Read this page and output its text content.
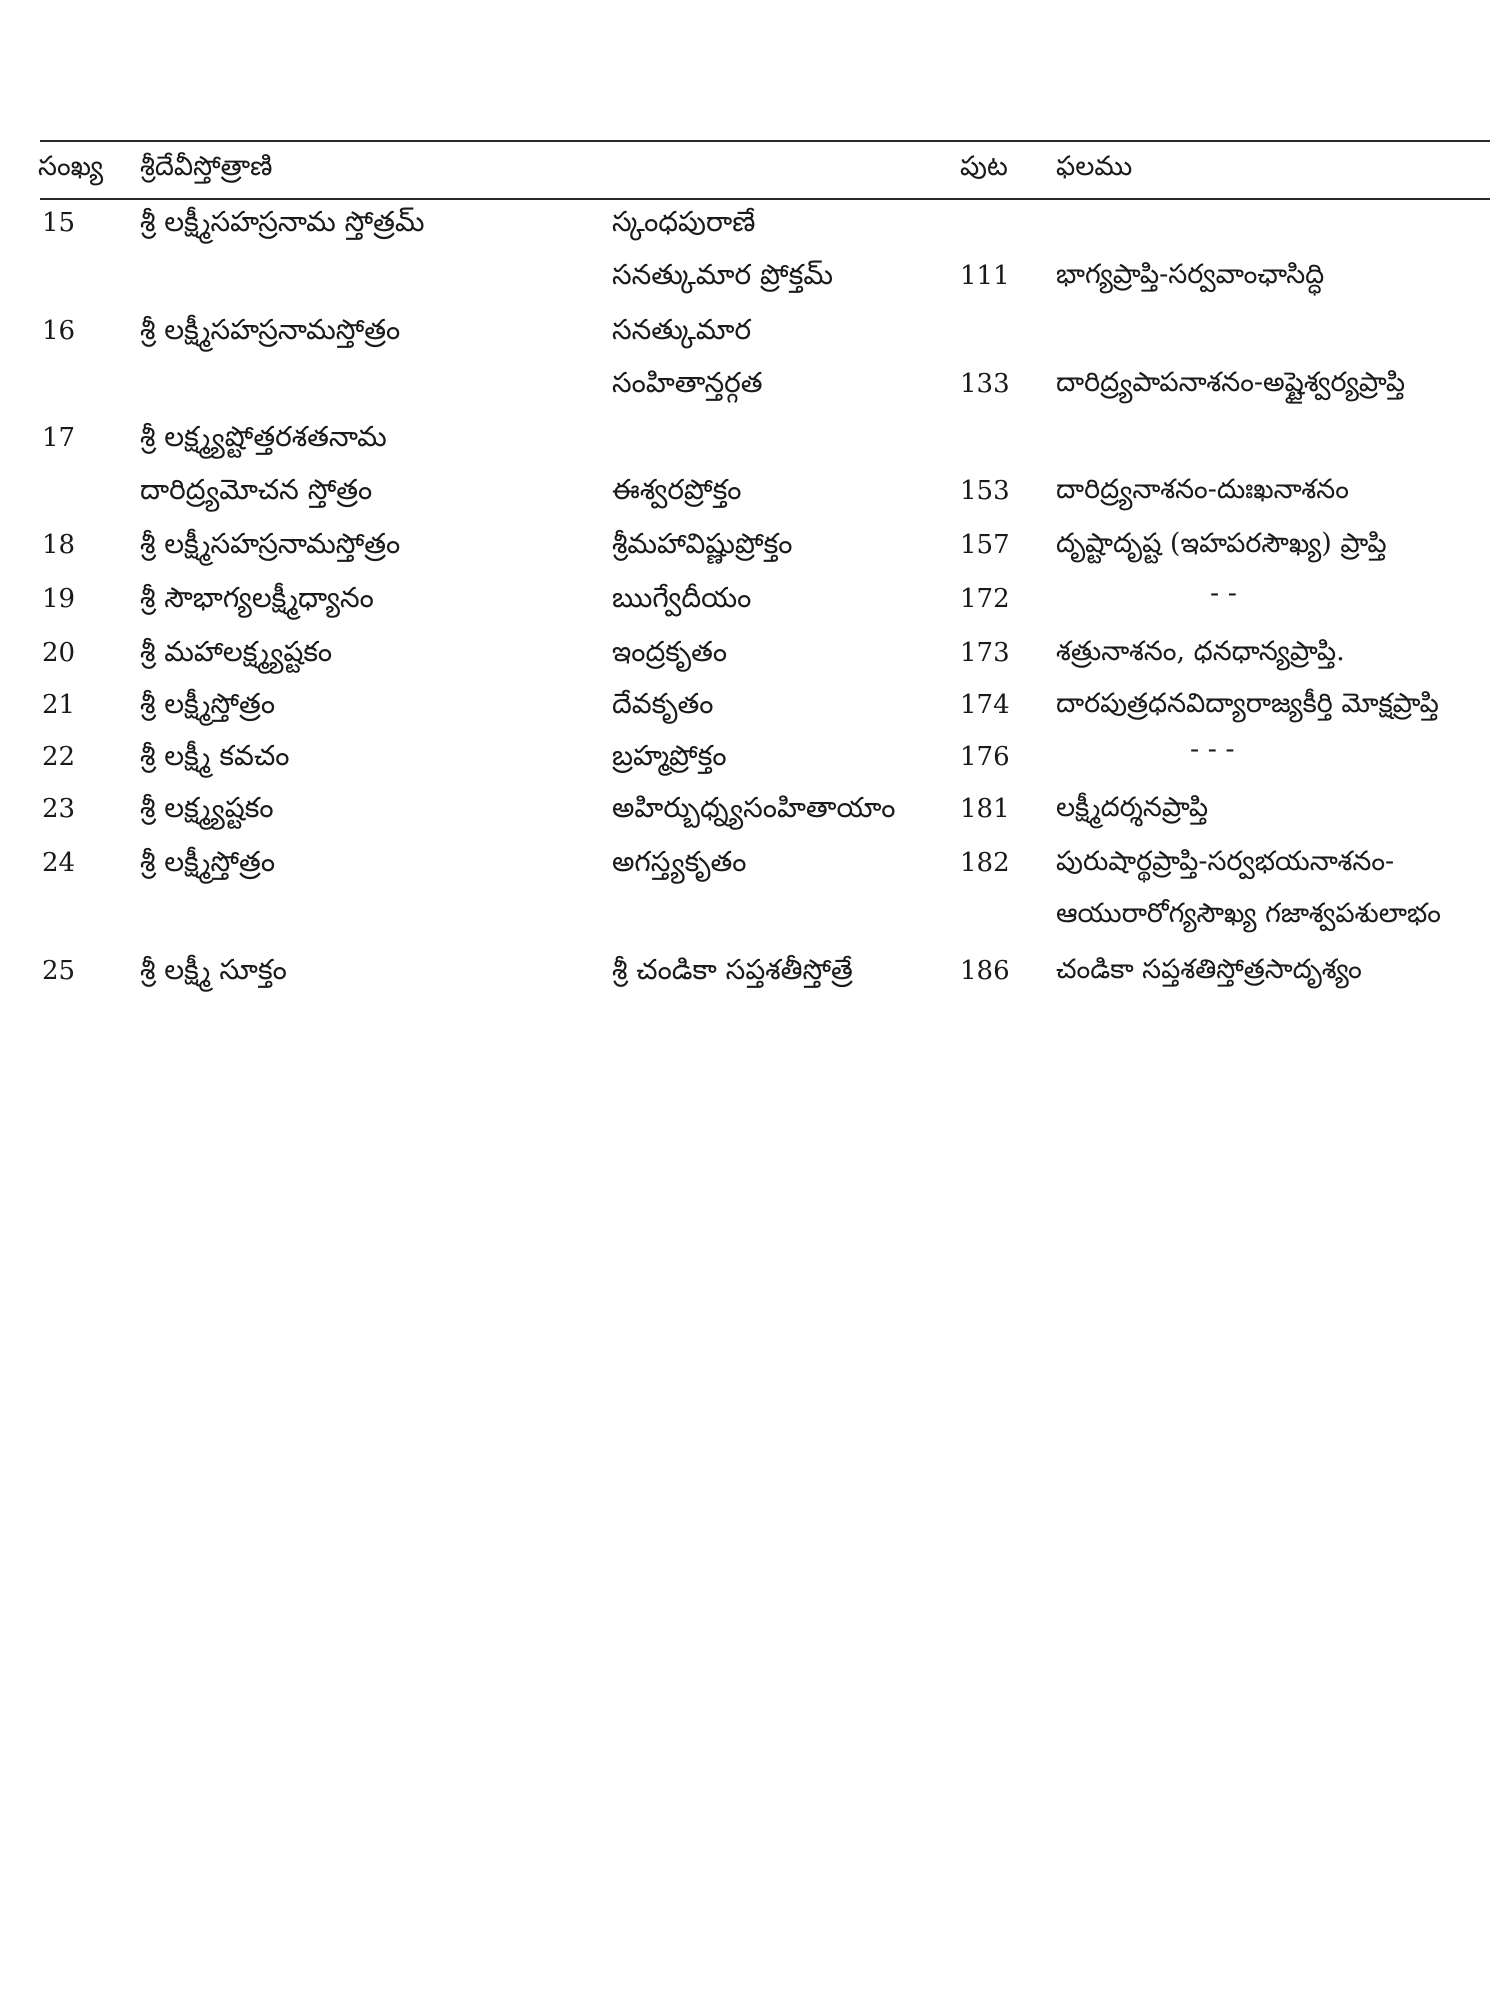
సంఖ్య శ్రీదేవీస్తోత్రాణి	పుట ఫలము
15 శ్రీ లక్ష్మీసహస్రనామ స్తోత్రమ్	స్కంధపురాణే
సనత్కుమార ప్రోక్తమ్	111 భాగ్యప్రాప్తి-సర్వవాంఛాసిద్ధి
16 శ్రీ లక్ష్మీసహస్రనామస్తోత్రం	సనత్కుమార
సంహితాన్తర్గత	133 దారిద్ర్యపాపనాశనం-అష్టైశ్వర్యప్రాప్తి
17 శ్రీ లక్ష్మ్యష్టోత్తరశతనామ
దారిద్ర్యమోచన స్తోత్రం	ఈశ్వరప్రోక్తం	153 దారిద్ర్యనాశనం-దుఃఖనాశనం
18 శ్రీ లక్ష్మీసహస్రనామస్తోత్రం	శ్రీమహావిష్ణుప్రోక్తం	157 దృష్టాదృష్ట (ఇహపరసౌఖ్య) ప్రాప్తి
19 శ్రీ సౌభాగ్యలక్ష్మీధ్యానం	ఋగ్వేదీయం	172	- -
20 శ్రీ మహాలక్ష్మ్యష్టకం	ఇంద్రకృతం	173 శత్రునాశనం, ధనధాన్యప్రాప్తి.
21 శ్రీ లక్ష్మీస్తోత్రం	దేవకృతం	174 దారపుత్రధనవిద్యారాజ్యకీర్తి మోక్షప్రాప్తి
22 శ్రీ లక్ష్మీ కవచం	బ్రహ్మప్రోక్తం	176	- - -
23 శ్రీ లక్ష్మ్యష్టకం	అహిర్బుధ్న్యసంహితాయాం 181 లక్ష్మీదర్శనప్రాప్తి
24 శ్రీ లక్ష్మీస్తోత్రం	అగస్త్యకృతం	182 పురుషార్థప్రాప్తి-సర్వభయనాశనం-
ఆయురారోగ్యసౌఖ్య గజాశ్వపశులాభం
25 శ్రీ లక్ష్మీ సూక్తం	శ్రీ చండికా సప్తశతీస్తోత్రే	186 చండికా సప్తశతిస్తోత్రసాదృశ్యం
